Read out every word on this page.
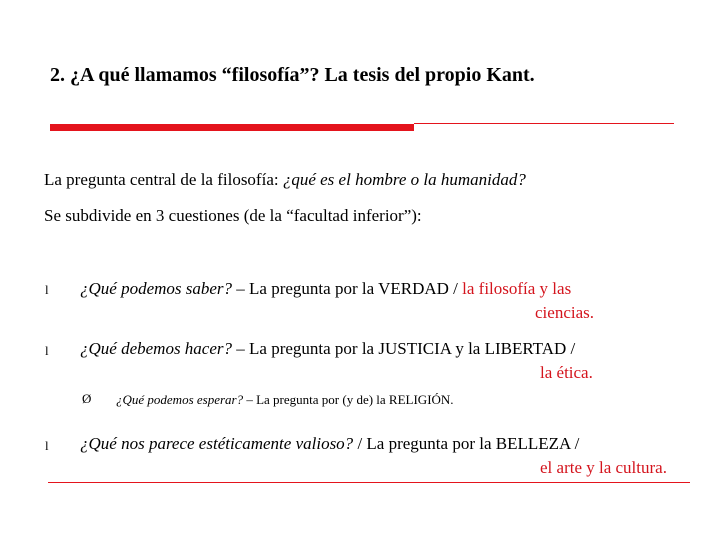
2. ¿A qué llamamos “filosofía”? La tesis del propio Kant.
La pregunta central de la filosofía: ¿qué es el hombre o la humanidad?
Se subdivide en 3 cuestiones (de la “facultad inferior”):
l ¿Qué podemos saber? – La pregunta por la VERDAD / la filosofía y las
ciencias.
l ¿Qué debemos hacer? – La pregunta por la JUSTICIA y la LIBERTAD /
la ética.
Ø ¿Qué podemos esperar? – La pregunta por (y de) la RELIGIÓN.
l ¿Qué nos parece estéticamente valioso? / La pregunta por la BELLEZA /
el arte y la cultura.
